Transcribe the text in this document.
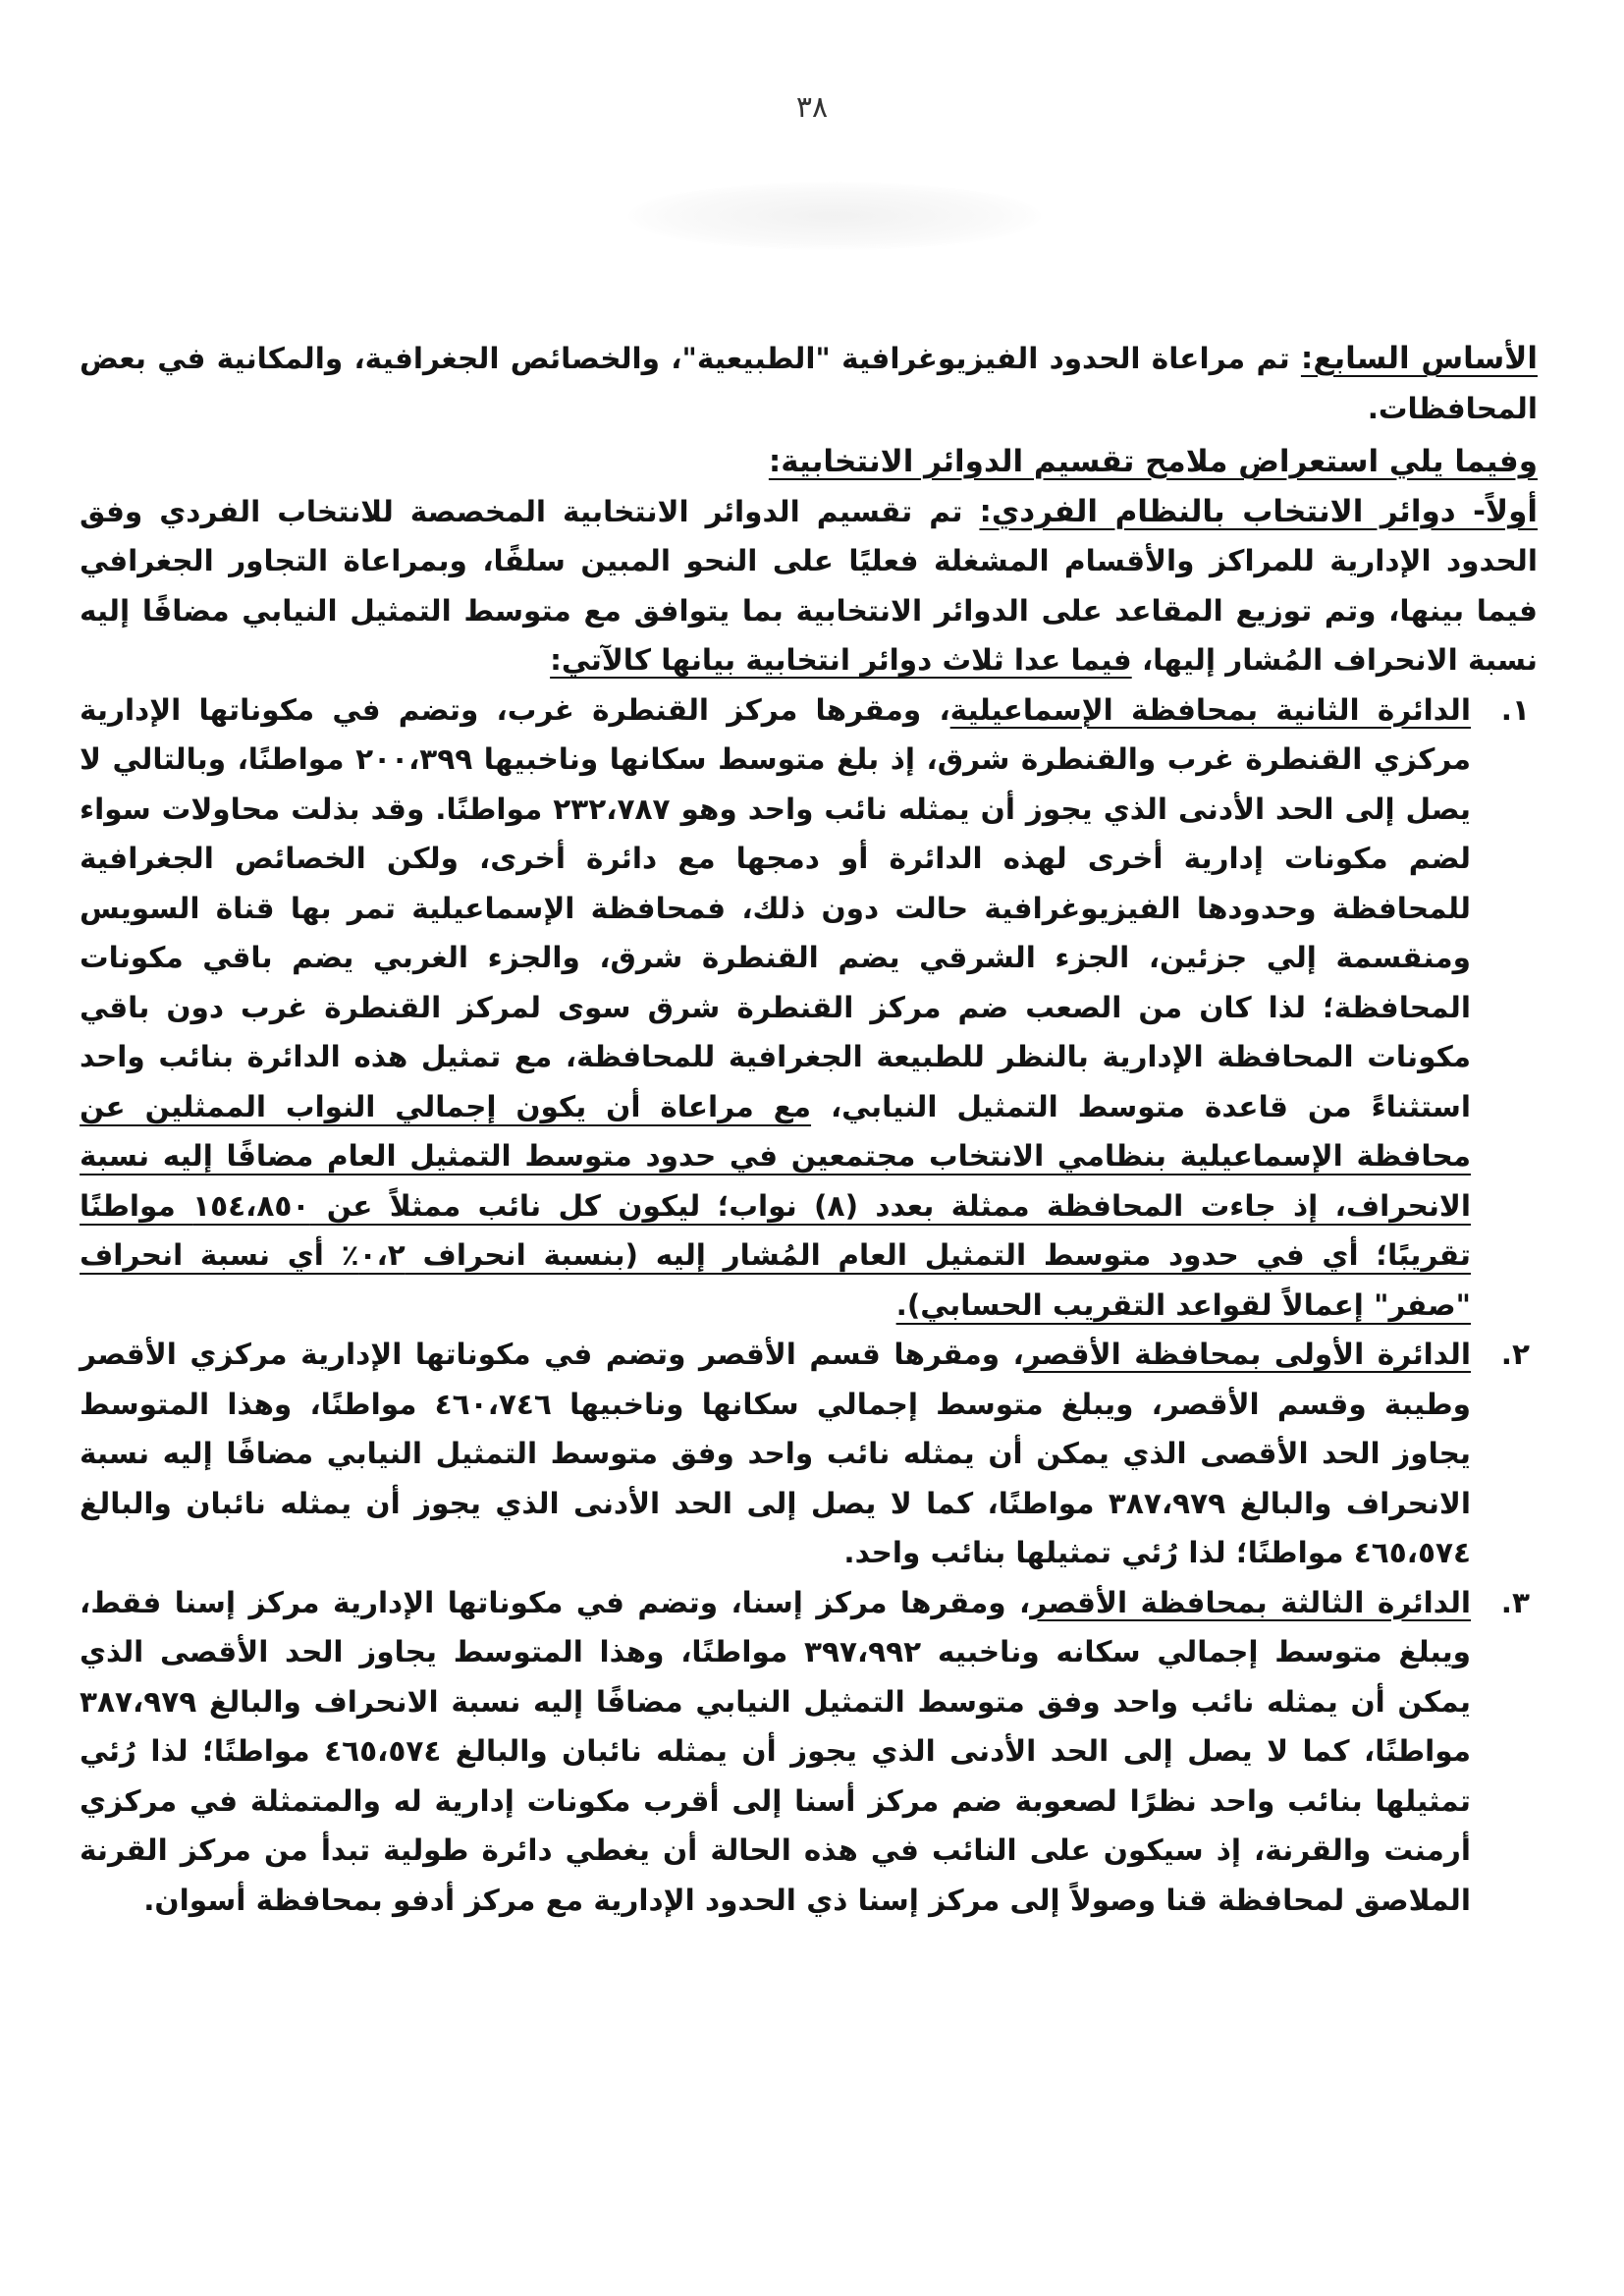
٣٨

الأساس السابع: تم مراعاة الحدود الفيزيوغرافية "الطبيعية"، والخصائص الجغرافية، والمكانية في بعض المحافظات.

وفيما يلي استعراض ملامح تقسيم الدوائر الانتخابية:

أولاً- دوائر الانتخاب بالنظام الفردي: تم تقسيم الدوائر الانتخابية المخصصة للانتخاب الفردي وفق الحدود الإدارية للمراكز والأقسام المشغلة فعليًا على النحو المبين سلفًا، وبمراعاة التجاور الجغرافي فيما بينها، وتم توزيع المقاعد على الدوائر الانتخابية بما يتوافق مع متوسط التمثيل النيابي مضافًا إليه نسبة الانحراف المُشار إليها، فيما عدا ثلاث دوائر انتخابية بيانها كالآتي:

١.
الدائرة الثانية بمحافظة الإسماعيلية، ومقرها مركز القنطرة غرب، وتضم في مكوناتها الإدارية مركزي القنطرة غرب والقنطرة شرق، إذ بلغ متوسط سكانها وناخبيها ٢٠٠،٣٩٩ مواطنًا، وبالتالي لا يصل إلى الحد الأدنى الذي يجوز أن يمثله نائب واحد وهو ٢٣٢،٧٨٧ مواطنًا. وقد بذلت محاولات سواء لضم مكونات إدارية أخرى لهذه الدائرة أو دمجها مع دائرة أخرى، ولكن الخصائص الجغرافية للمحافظة وحدودها الفيزيوغرافية حالت دون ذلك، فمحافظة الإسماعيلية تمر بها قناة السويس ومنقسمة إلي جزئين، الجزء الشرقي يضم القنطرة شرق، والجزء الغربي يضم باقي مكونات المحافظة؛ لذا كان من الصعب ضم مركز القنطرة شرق سوى لمركز القنطرة غرب دون باقي مكونات المحافظة الإدارية بالنظر للطبيعة الجغرافية للمحافظة، مع تمثيل هذه الدائرة بنائب واحد استثناءً من قاعدة متوسط التمثيل النيابي، مع مراعاة أن يكون إجمالي النواب الممثلين عن محافظة الإسماعيلية بنظامي الانتخاب مجتمعين في حدود متوسط التمثيل العام مضافًا إليه نسبة الانحراف، إذ جاءت المحافظة ممثلة بعدد (٨) نواب؛ ليكون كل نائب ممثلاً عن ١٥٤،٨٥٠ مواطنًا تقريبًا؛ أي في حدود متوسط التمثيل العام المُشار إليه (بنسبة انحراف ٠،٢٪ أي نسبة انحراف "صفر" إعمالاً لقواعد التقريب الحسابي).
٢.
الدائرة الأولى بمحافظة الأقصر، ومقرها قسم الأقصر وتضم في مكوناتها الإدارية مركزي الأقصر وطيبة وقسم الأقصر، ويبلغ متوسط إجمالي سكانها وناخبيها ٤٦٠،٧٤٦ مواطنًا، وهذا المتوسط يجاوز الحد الأقصى الذي يمكن أن يمثله نائب واحد وفق متوسط التمثيل النيابي مضافًا إليه نسبة الانحراف والبالغ ٣٨٧،٩٧٩ مواطنًا، كما لا يصل إلى الحد الأدنى الذي يجوز أن يمثله نائبان والبالغ ٤٦٥،٥٧٤ مواطنًا؛ لذا رُئي تمثيلها بنائب واحد.
٣.
الدائرة الثالثة بمحافظة الأقصر، ومقرها مركز إسنا، وتضم في مكوناتها الإدارية مركز إسنا فقط، ويبلغ متوسط إجمالي سكانه وناخبيه ٣٩٧،٩٩٢ مواطنًا، وهذا المتوسط يجاوز الحد الأقصى الذي يمكن أن يمثله نائب واحد وفق متوسط التمثيل النيابي مضافًا إليه نسبة الانحراف والبالغ ٣٨٧،٩٧٩ مواطنًا، كما لا يصل إلى الحد الأدنى الذي يجوز أن يمثله نائبان والبالغ ٤٦٥،٥٧٤ مواطنًا؛ لذا رُئي تمثيلها بنائب واحد نظرًا لصعوبة ضم مركز أسنا إلى أقرب مكونات إدارية له والمتمثلة في مركزي أرمنت والقرنة، إذ سيكون على النائب في هذه الحالة أن يغطي دائرة طولية تبدأ من مركز القرنة الملاصق لمحافظة قنا وصولاً إلى مركز إسنا ذي الحدود الإدارية مع مركز أدفو بمحافظة أسوان.
